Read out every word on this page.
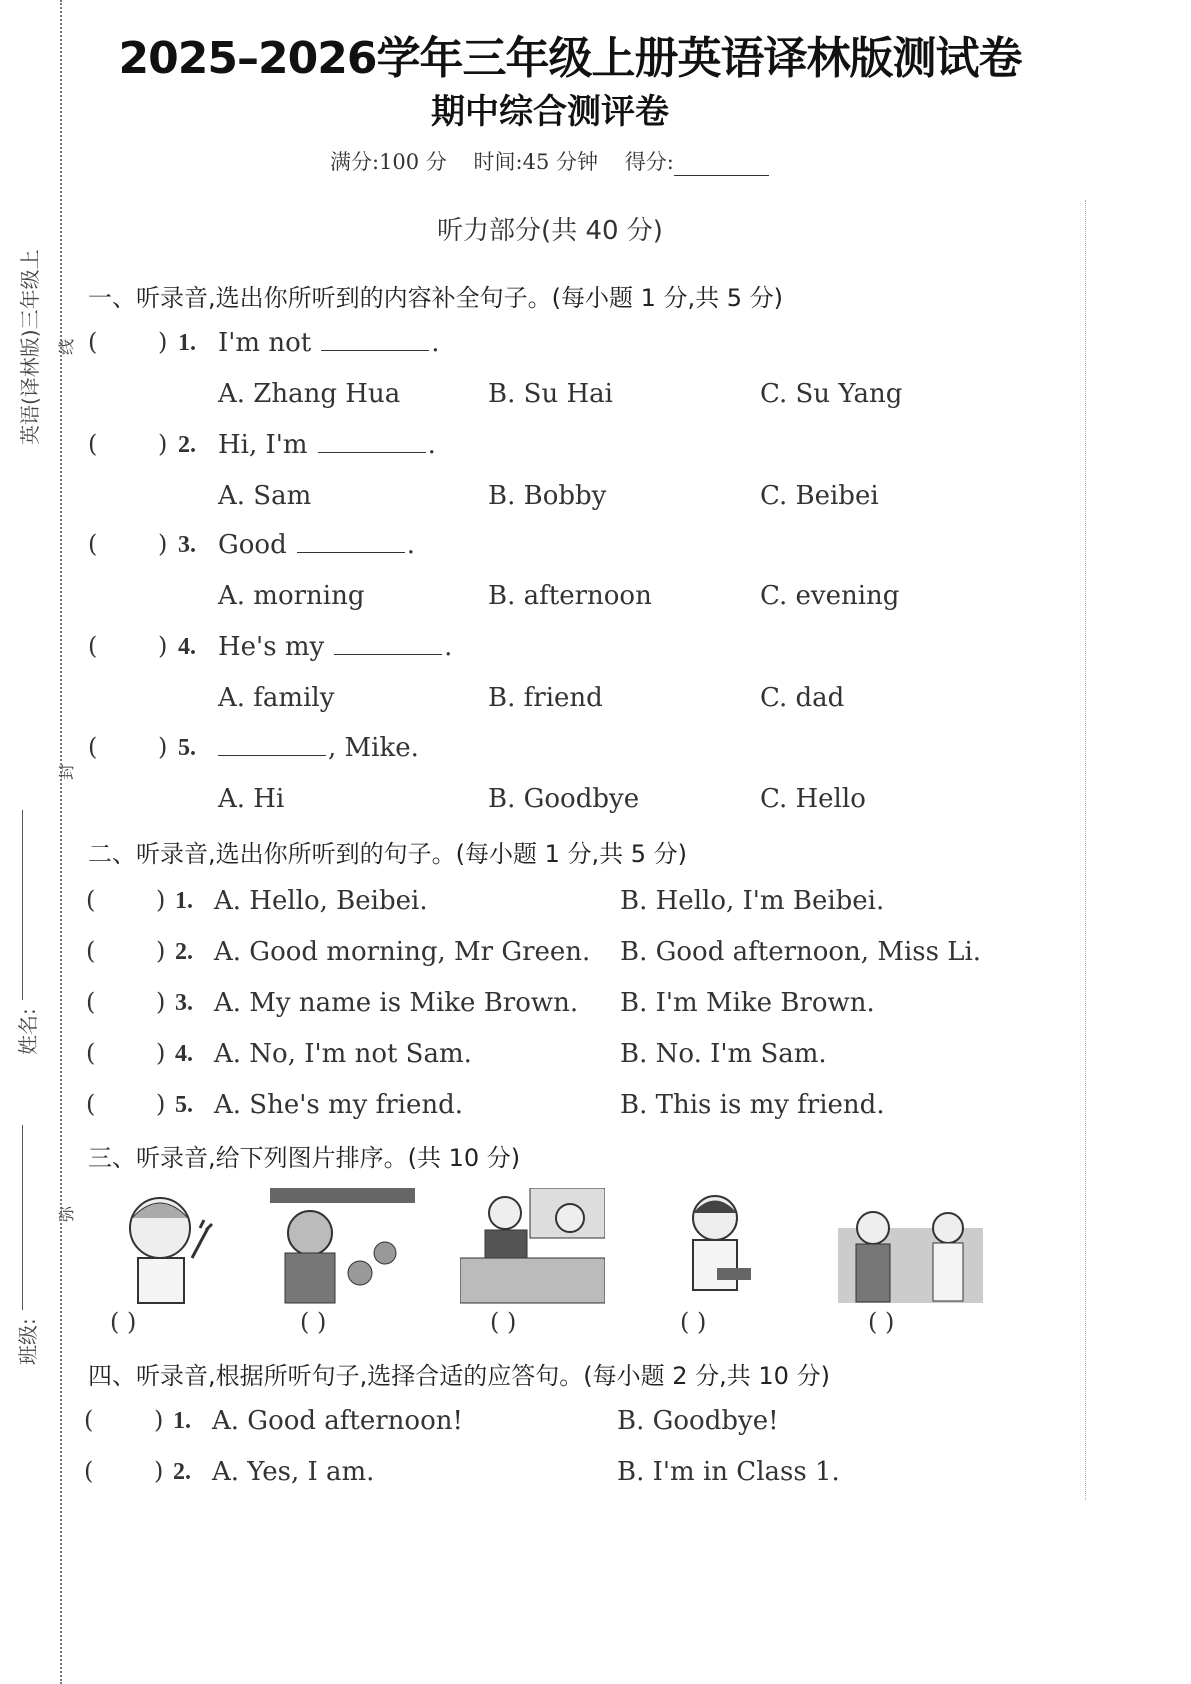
英语(译林版)三年级上 线
封
弥
姓名:
班级:
2025–2026学年三年级上册英语译林版测试卷
期中综合测评卷
满分:100 分 时间:45 分钟 得分:
听力部分(共 40 分)
一、听录音,选出你所听到的内容补全句子。(每小题 1 分,共 5 分)
二、听录音,选出你所听到的句子。(每小题 1 分,共 5 分)
三、听录音,给下列图片排序。(共 10 分)
四、听录音,根据所听句子,选择合适的应答句。(每小题 2 分,共 10 分)
(	) 1. I'm not	.
A. Zhang Hua	B. Su Hai	C. Su Yang
(	) 2. Hi, I'm	.
A. Sam	B. Bobby	C. Beibei
(	) 3. Good	.
A. morning	B. afternoon	C. evening
(	) 4. He's my	.
A. family	B. friend	C. dad
(	) 5.	, Mike.
A. Hi	B. Goodbye	C. Hello
(	) 1. A. Hello, Beibei.	B. Hello, I'm Beibei.
(	) 2. A. Good morning, Mr Green. B. Good afternoon, Miss Li.
(	) 3. A. My name is Mike Brown. B. I'm Mike Brown.
(	) 4. A. No, I'm not Sam.	B. No. I'm Sam.
(	) 5. A. She's my friend.	B. This is my friend.
( )	( )	( )	( )	( )
(	) 1. A. Good afternoon!	B. Goodbye!
(	) 2. A. Yes, I am.	B. I'm in Class 1.
